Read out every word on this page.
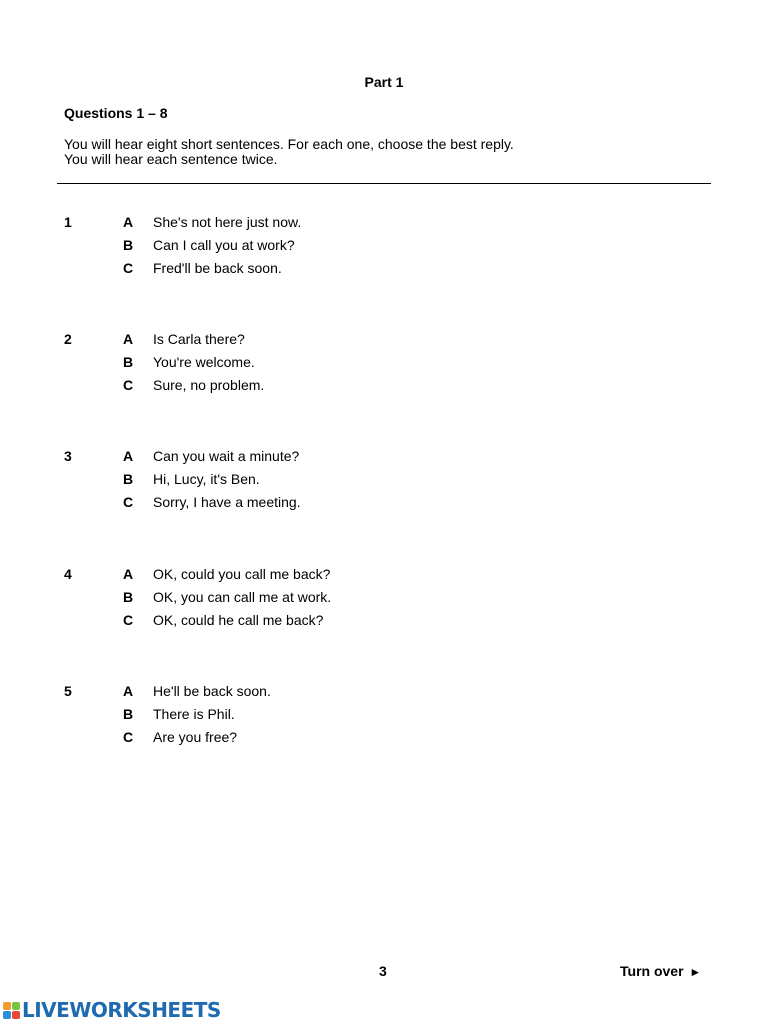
Part 1
Questions 1 – 8
You will hear eight short sentences. For each one, choose the best reply.
You will hear each sentence twice.
1	A She's not here just now.
B Can I call you at work?
C Fred'll be back soon.
2	A Is Carla there?
B You're welcome.
C Sure, no problem.
3	A Can you wait a minute?
B Hi, Lucy, it's Ben.
C Sorry, I have a meeting.
4	A OK, could you call me back?
B OK, you can call me at work.
C OK, could he call me back?
5	A He'll be back soon.
B There is Phil.
C Are you free?
3	Turn over ►
LIVEWORKSHEETS
